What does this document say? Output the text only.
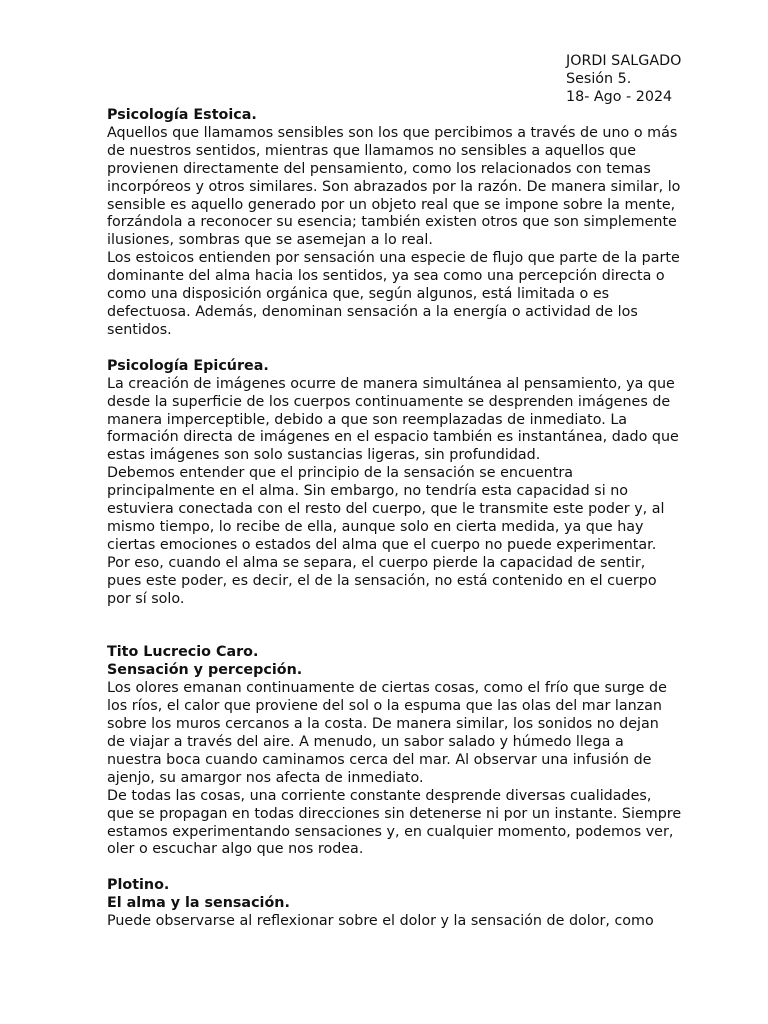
JORDI SALGADO
Sesión 5.
18- Ago - 2024
Psicología Estoica.
Aquellos que llamamos sensibles son los que percibimos a través de uno o más
de nuestros sentidos, mientras que llamamos no sensibles a aquellos que
provienen directamente del pensamiento, como los relacionados con temas
incorpóreos y otros similares. Son abrazados por la razón. De manera similar, lo
sensible es aquello generado por un objeto real que se impone sobre la mente,
forzándola a reconocer su esencia; también existen otros que son simplemente
ilusiones, sombras que se asemejan a lo real.
Los estoicos entienden por sensación una especie de flujo que parte de la parte
dominante del alma hacia los sentidos, ya sea como una percepción directa o
como una disposición orgánica que, según algunos, está limitada o es
defectuosa. Además, denominan sensación a la energía o actividad de los
sentidos.
Psicología Epicúrea.
La creación de imágenes ocurre de manera simultánea al pensamiento, ya que
desde la superficie de los cuerpos continuamente se desprenden imágenes de
manera imperceptible, debido a que son reemplazadas de inmediato. La
formación directa de imágenes en el espacio también es instantánea, dado que
estas imágenes son solo sustancias ligeras, sin profundidad.
Debemos entender que el principio de la sensación se encuentra
principalmente en el alma. Sin embargo, no tendría esta capacidad si no
estuviera conectada con el resto del cuerpo, que le transmite este poder y, al
mismo tiempo, lo recibe de ella, aunque solo en cierta medida, ya que hay
ciertas emociones o estados del alma que el cuerpo no puede experimentar.
Por eso, cuando el alma se separa, el cuerpo pierde la capacidad de sentir,
pues este poder, es decir, el de la sensación, no está contenido en el cuerpo
por sí solo.
Tito Lucrecio Caro.
Sensación y percepción.
Los olores emanan continuamente de ciertas cosas, como el frío que surge de
los ríos, el calor que proviene del sol o la espuma que las olas del mar lanzan
sobre los muros cercanos a la costa. De manera similar, los sonidos no dejan
de viajar a través del aire. A menudo, un sabor salado y húmedo llega a
nuestra boca cuando caminamos cerca del mar. Al observar una infusión de
ajenjo, su amargor nos afecta de inmediato.
De todas las cosas, una corriente constante desprende diversas cualidades,
que se propagan en todas direcciones sin detenerse ni por un instante. Siempre
estamos experimentando sensaciones y, en cualquier momento, podemos ver,
oler o escuchar algo que nos rodea.
Plotino.
El alma y la sensación.
Puede observarse al reflexionar sobre el dolor y la sensación de dolor, como
